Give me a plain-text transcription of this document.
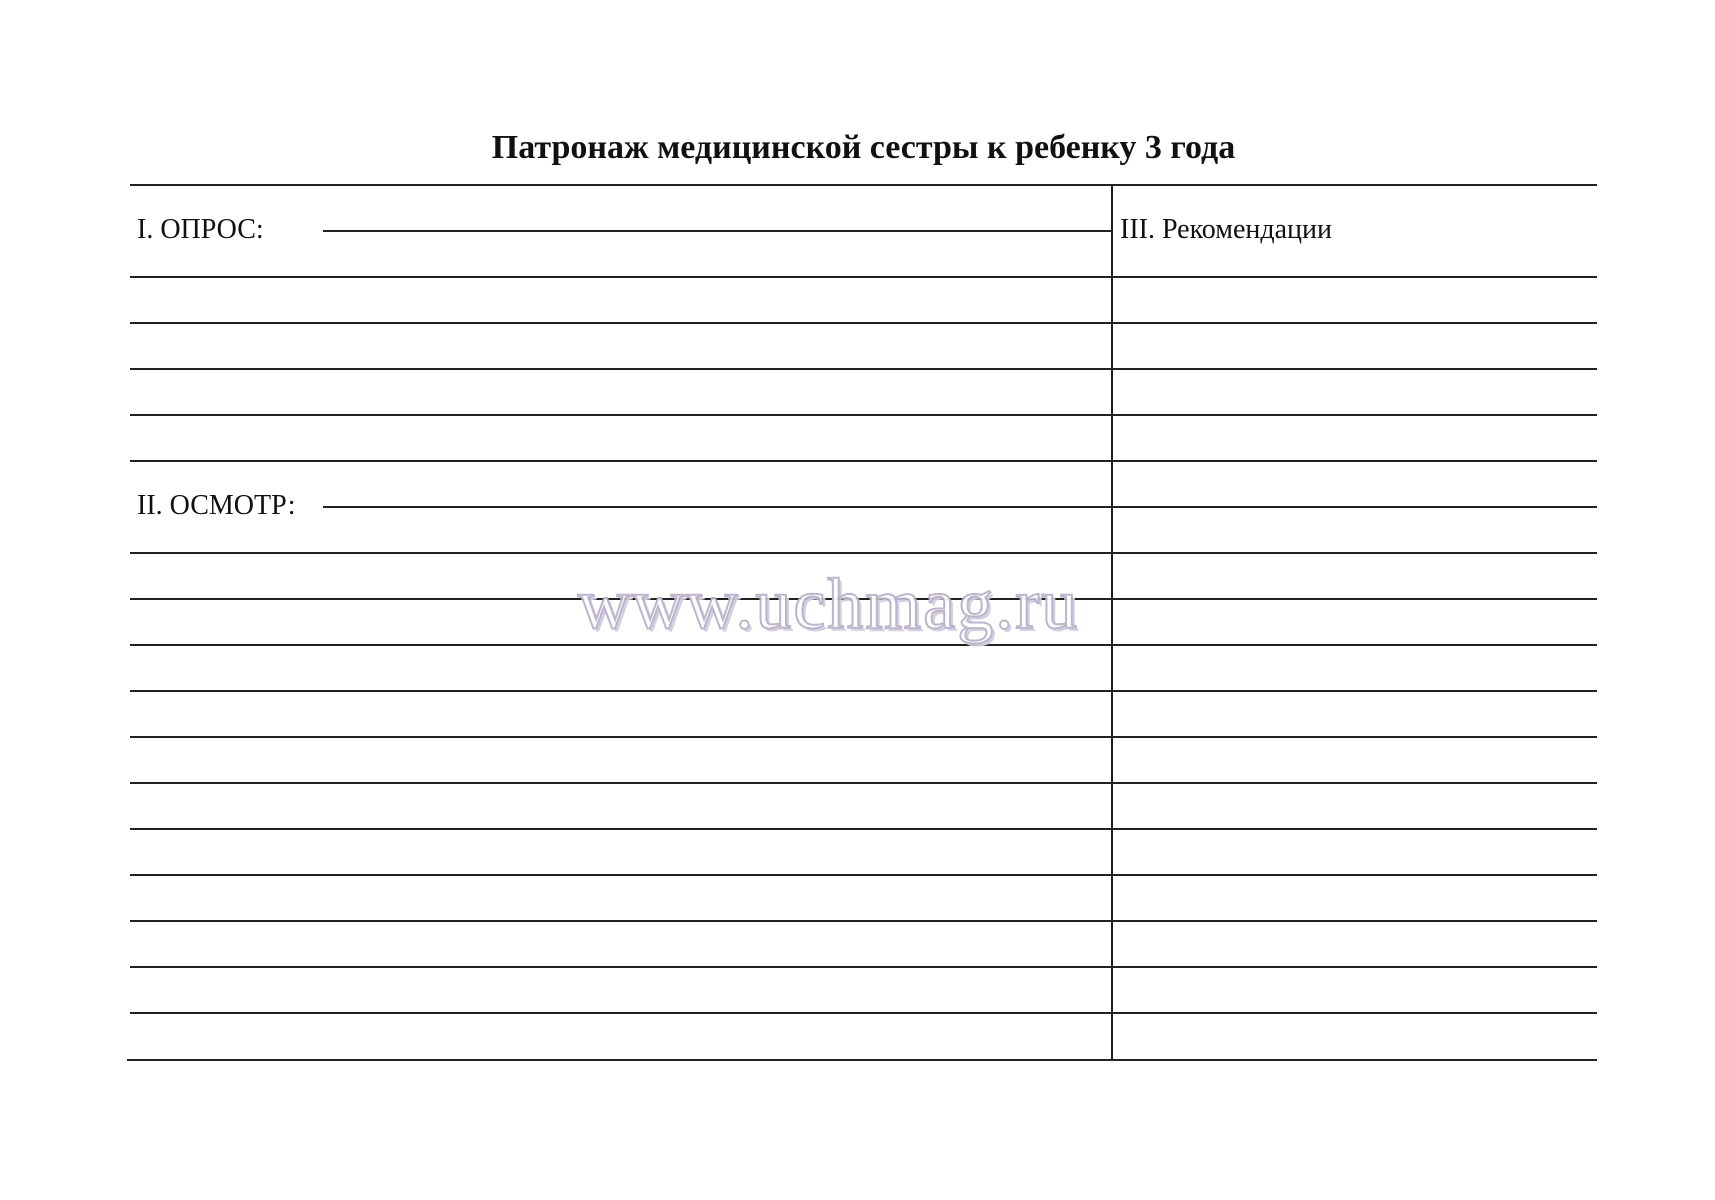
Патронаж медицинской сестры к ребенку 3 года
I. ОПРОС:	III. Рекомендации
II. ОСМОТР:
www.uchmag.ru
